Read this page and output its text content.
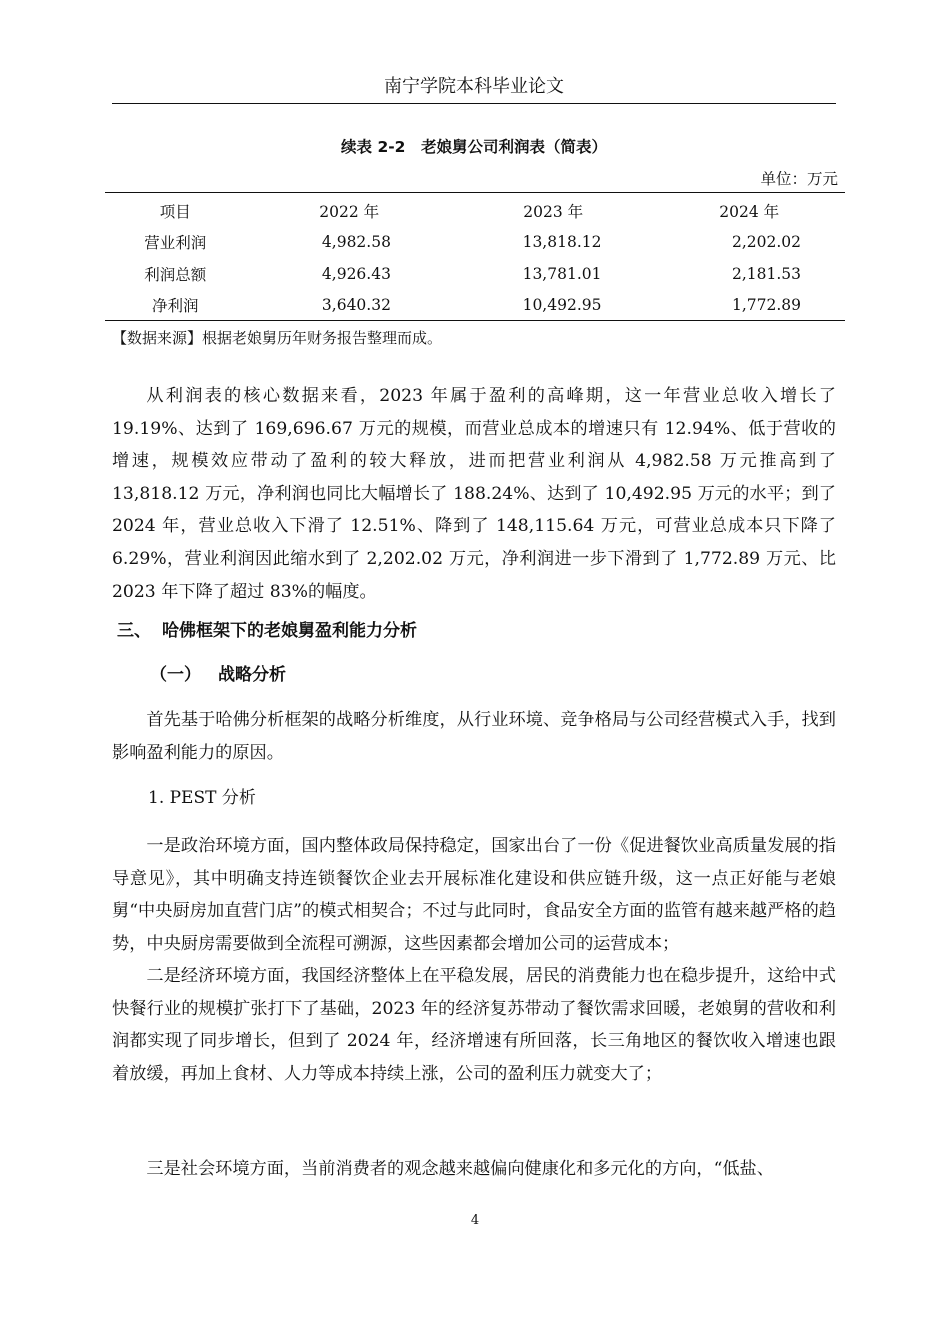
南宁学院本科毕业论文
续表 2-2　老娘舅公司利润表（简表）
单位：万元
项目	2022 年	2023 年	2024 年
营业利润	4,982.58	13,818.12	2,202.02
利润总额	4,926.43	13,781.01	2,181.53
净利润	3,640.32	10,492.95	1,772.89
【数据来源】根据老娘舅历年财务报告整理而成。

从利润表的核心数据来看，2023 年属于盈利的高峰期，这一年营业总收入增长了 19.19%、达到了 169,696.67 万元的规模，而营业总成本的增速只有 12.94%、低于营收的增速，规模效应带动了盈利的较大释放，进而把营业利润从 4,982.58 万元推高到了 13,818.12 万元，净利润也同比大幅增长了 188.24%、达到了 10,492.95 万元的水平；到了 2024 年，营业总收入下滑了 12.51%、降到了 148,115.64 万元，可营业总成本只下降了 6.29%，营业利润因此缩水到了 2,202.02 万元，净利润进一步下滑到了 1,772.89 万元、比 2023 年下降了超过 83%的幅度。

三、 哈佛框架下的老娘舅盈利能力分析
（一） 战略分析

首先基于哈佛分析框架的战略分析维度，从行业环境、竞争格局与公司经营模式入手，找到影响盈利能力的原因。

1. PEST 分析

一是政治环境方面，国内整体政局保持稳定，国家出台了一份《促进餐饮业高质量发展的指导意见》，其中明确支持连锁餐饮企业去开展标准化建设和供应链升级，这一点正好能与老娘舅“中央厨房加直营门店”的模式相契合；不过与此同时，食品安全方面的监管有越来越严格的趋势，中央厨房需要做到全流程可溯源，这些因素都会增加公司的运营成本；

二是经济环境方面，我国经济整体上在平稳发展，居民的消费能力也在稳步提升，这给中式快餐行业的规模扩张打下了基础，2023 年的经济复苏带动了餐饮需求回暖，老娘舅的营收和利润都实现了同步增长，但到了 2024 年，经济增速有所回落，长三角地区的餐饮收入增速也跟着放缓，再加上食材、人力等成本持续上涨，公司的盈利压力就变大了；

三是社会环境方面，当前消费者的观念越来越偏向健康化和多元化的方向，“低盐、

4
